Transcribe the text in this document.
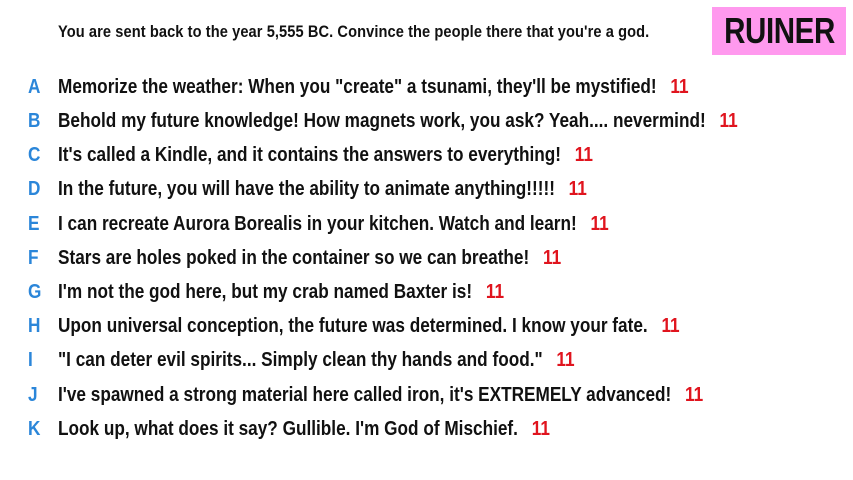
You are sent back to the year 5,555 BC. Convince the people there that you're a god. RUINER
A Memorize the weather: When you "create" a tsunami, they'll be mystified! 11
B Behold my future knowledge! How magnets work, you ask? Yeah.... nevermind! 11
C It's called a Kindle, and it contains the answers to everything! 11
D In the future, you will have the ability to animate anything!!!!! 11
E I can recreate Aurora Borealis in your kitchen. Watch and learn! 11
F Stars are holes poked in the container so we can breathe! 11
G I'm not the god here, but my crab named Baxter is! 11
H Upon universal conception, the future was determined. I know your fate. 11
I	"I can deter evil spirits... Simply clean thy hands and food." 11
J	I've spawned a strong material here called iron, it's EXTREMELY advanced! 11
K Look up, what does it say? Gullible. I'm God of Mischief. 11
